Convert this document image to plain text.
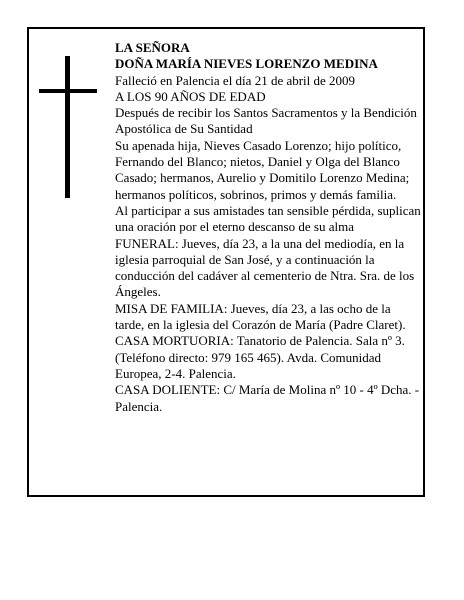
LA SEÑORA

DOÑA MARÍA NIEVES LORENZO MEDINA

Falleció en Palencia el día 21 de abril de 2009

A LOS 90 AÑOS DE EDAD

Después de recibir los Santos Sacramentos y la Bendición Apostólica de Su Santidad

Su apenada hija, Nieves Casado Lorenzo; hijo político, Fernando del Blanco; nietos, Daniel y Olga del Blanco Casado; hermanos, Aurelio y Domitilo Lorenzo Medina; hermanos políticos, sobrinos, primos y demás familia.

Al participar a sus amistades tan sensible pérdida, suplican una oración por el eterno descanso de su alma

FUNERAL: Jueves, día 23, a la una del mediodía, en la iglesia parroquial de San José, y a continuación la conducción del cadáver al cementerio de Ntra. Sra. de los Ángeles.

MISA DE FAMILIA: Jueves, día 23, a las ocho de la tarde, en la iglesia del Corazón de María (Padre Claret).

CASA MORTUORIA: Tanatorio de Palencia. Sala nº 3. (Teléfono directo: 979 165 465). Avda. Comunidad Europea, 2-4. Palencia.

CASA DOLIENTE: C/ María de Molina nº 10 - 4º Dcha. - Palencia.
